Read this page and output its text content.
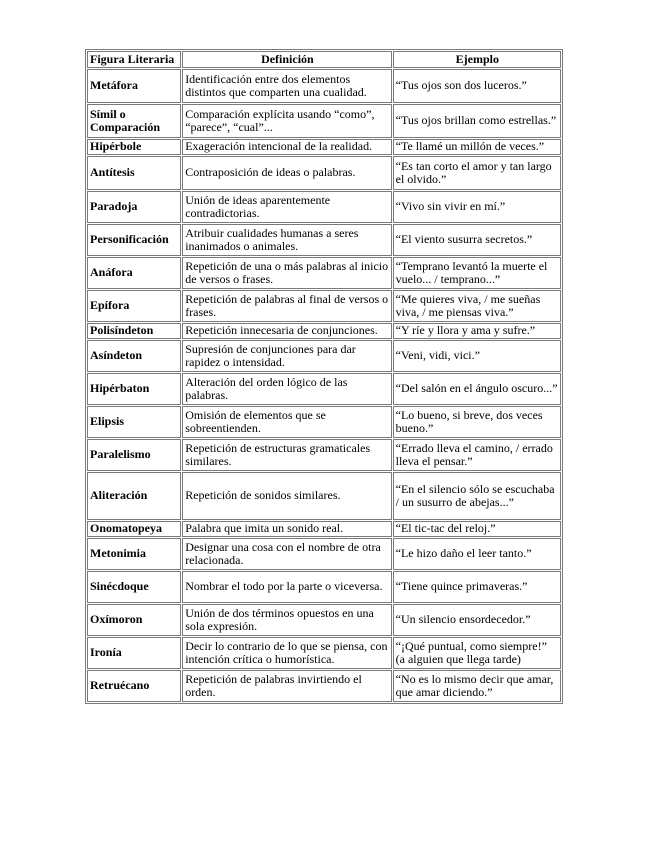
Figura Literaria	Definición	Ejemplo
Metáfora	Identificación entre dos elementos distintos que comparten una cualidad.	“Tus ojos son dos luceros.”
Símil o Comparación	Comparación explícita usando “como”, “parece”, “cual”...	“Tus ojos brillan como estrellas.”
Hipérbole	Exageración intencional de la realidad.	“Te llamé un millón de veces.”
Antítesis	Contraposición de ideas o palabras.	“Es tan corto el amor y tan largo el olvido.”
Paradoja	Unión de ideas aparentemente contradictorias.	“Vivo sin vivir en mí.”
Personificación	Atribuir cualidades humanas a seres inanimados o animales.	“El viento susurra secretos.”
Anáfora	Repetición de una o más palabras al inicio de versos o frases.	“Temprano levantó la muerte el vuelo... / temprano...”
Epífora	Repetición de palabras al final de versos o frases.	“Me quieres viva, / me sueñas viva, / me piensas viva.”
Polisíndeton	Repetición innecesaria de conjunciones.	“Y ríe y llora y ama y sufre.”
Asíndeton	Supresión de conjunciones para dar rapidez o intensidad.	“Veni, vidi, vici.”
Hipérbaton	Alteración del orden lógico de las palabras.	“Del salón en el ángulo oscuro...”
Elipsis	Omisión de elementos que se sobreentienden.	“Lo bueno, si breve, dos veces bueno.”
Paralelismo	Repetición de estructuras gramaticales similares.	“Errado lleva el camino, / errado lleva el pensar.”
Aliteración	Repetición de sonidos similares.	“En el silencio sólo se escuchaba / un susurro de abejas...”
Onomatopeya	Palabra que imita un sonido real.	“El tic-tac del reloj.”
Metonimia	Designar una cosa con el nombre de otra relacionada.	“Le hizo daño el leer tanto.”
Sinécdoque	Nombrar el todo por la parte o viceversa.	“Tiene quince primaveras.”
Oxímoron	Unión de dos términos opuestos en una sola expresión.	“Un silencio ensordecedor.”
Ironía	Decir lo contrario de lo que se piensa, con intención crítica o humorística.	“¡Qué puntual, como siempre!” (a alguien que llega tarde)
Retruécano	Repetición de palabras invirtiendo el orden.	“No es lo mismo decir que amar, que amar diciendo.”
